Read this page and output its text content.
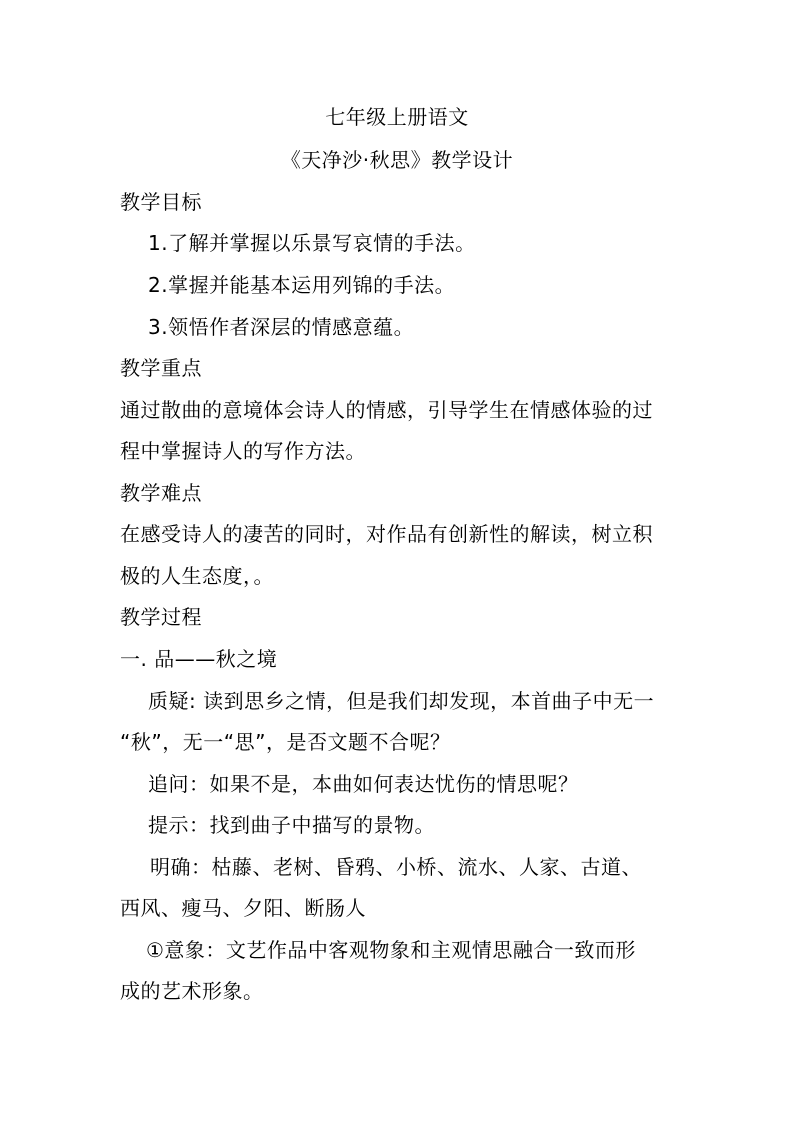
七年级上册语文
《天净沙·秋思》教学设计
教学目标
1.了解并掌握以乐景写哀情的手法。
2.掌握并能基本运用列锦的手法。
3.领悟作者深层的情感意蕴。
教学重点
通过散曲的意境体会诗人的情感，引导学生在情感体验的过
程中掌握诗人的写作方法。
教学难点
在感受诗人的凄苦的同时，对作品有创新性的解读，树立积
极的人生态度，。
教学过程
一. 品——秋之境
质疑: 读到思乡之情，但是我们却发现，本首曲子中无一
“秋”，无一“思”，是否文题不合呢？
追问：如果不是，本曲如何表达忧伤的情思呢？
提示：找到曲子中描写的景物。
明确：枯藤、老树、昏鸦、小桥、流水、人家、古道、
西风、瘦马、夕阳、断肠人
①意象：文艺作品中客观物象和主观情思融合一致而形
成的艺术形象。
